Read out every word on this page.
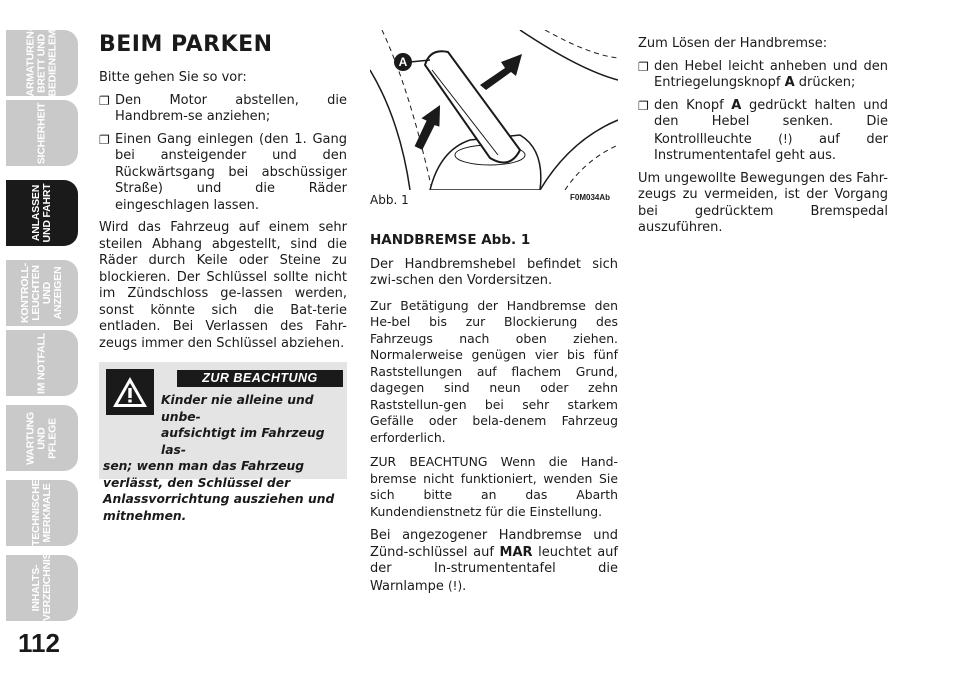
ARMATUREN-
BRETT UND
BEDIENELEMENTE
SICHERHEIT
ANLASSEN
UND FAHRT
KONTROLL-
LEUCHTEN UND
ANZEIGEN
IM NOTFALL
WARTUNG UND
PFLEGE
TECHNISCHE
MERKMALE
INHALTS-
VERZEICHNIS
112
BEIM PARKEN

Bitte gehen Sie so vor:

❐ Den Motor abstellen, die Handbrem-se anziehen;
❐ Einen Gang einlegen (den 1. Gang bei ansteigender und den Rückwärtsgang bei abschüssiger Straße) und die Räder eingeschlagen lassen.

Wird das Fahrzeug auf einem sehr steilen Abhang abgestellt, sind die Räder durch Keile oder Steine zu blockieren. Der Schlüssel sollte nicht im Zündschloss ge-lassen werden, sonst könnte sich die Bat-terie entladen. Bei Verlassen des Fahr-zeugs immer den Schlüssel abziehen.

ZUR BEACHTUNG
Kinder nie alleine und unbe-
aufsichtigt im Fahrzeug las-
sen; wenn man das Fahrzeug verlässt, den Schlüssel der Anlassvorrichtung ausziehen und mitnehmen.
A
Abb. 1	F0M034Ab
HANDBREMSE Abb. 1

Der Handbremshebel befindet sich zwi-schen den Vordersitzen.

Zur Betätigung der Handbremse den He-bel bis zur Blockierung des Fahrzeugs nach oben ziehen. Normalerweise genügen vier bis fünf Raststellungen auf flachem Grund, dagegen sind neun oder zehn Raststellun-gen bei sehr starkem Gefälle oder bela-denem Fahrzeug erforderlich.

ZUR BEACHTUNG Wenn die Hand-bremse nicht funktioniert, wenden Sie sich bitte an das Abarth Kundendienstnetz für die Einstellung.

Bei angezogener Handbremse und Zünd-schlüssel auf MAR leuchtet auf der In-strumententafel die Warnlampe (!).

Zum Lösen der Handbremse:

❐ den Hebel leicht anheben und den Entriegelungsknopf A drücken;
❐ den Knopf A gedrückt halten und den Hebel senken. Die Kontrollleuchte (!) auf der Instrumententafel geht aus.

Um ungewollte Bewegungen des Fahr-zeugs zu vermeiden, ist der Vorgang bei gedrücktem Bremspedal auszuführen.
